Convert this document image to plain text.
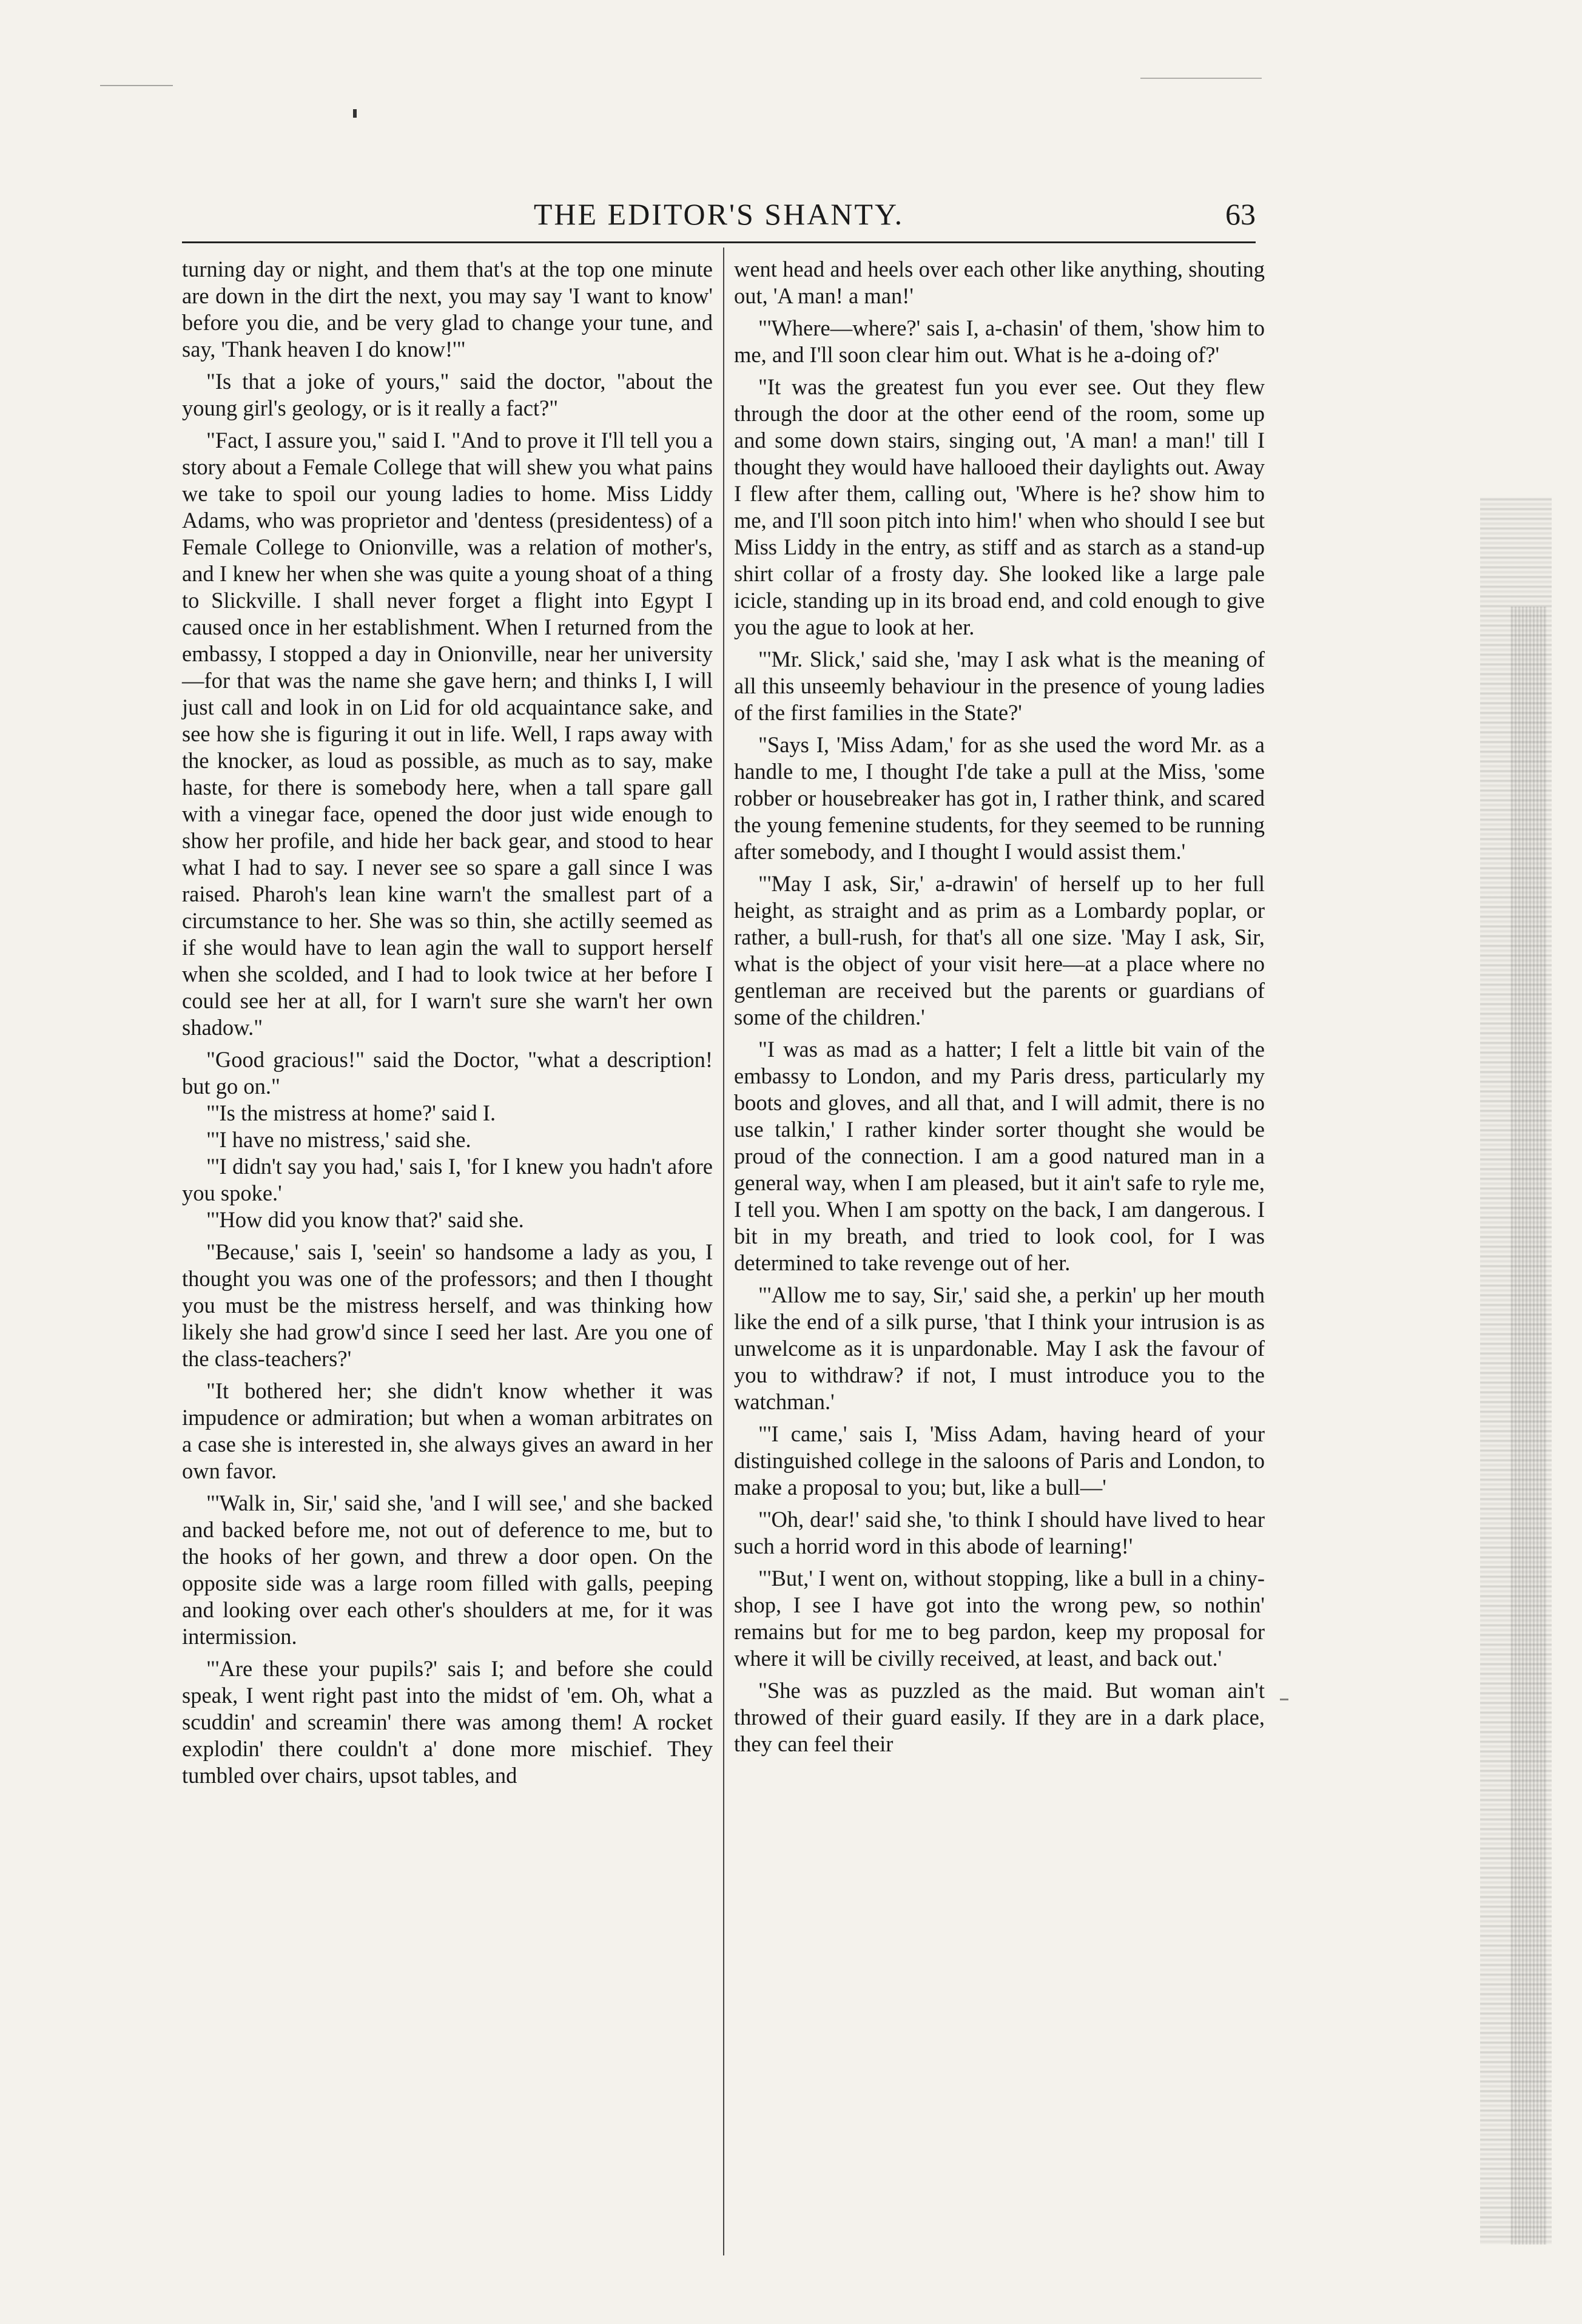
THE EDITOR'S SHANTY.	63

turning day or night, and them that's at the top one minute are down in the dirt the next, you may say 'I want to know' before you die, and be very glad to change your tune, and say, 'Thank heaven I do know!'"

"Is that a joke of yours," said the doctor, "about the young girl's geology, or is it really a fact?"

"Fact, I assure you," said I. "And to prove it I'll tell you a story about a Female College that will shew you what pains we take to spoil our young ladies to home. Miss Liddy Adams, who was proprietor and 'dentess (presidentess) of a Female College to Onionville, was a relation of mother's, and I knew her when she was quite a young shoat of a thing to Slickville. I shall never forget a flight into Egypt I caused once in her establishment. When I returned from the embassy, I stopped a day in Onionville, near her university—for that was the name she gave hern; and thinks I, I will just call and look in on Lid for old acquaintance sake, and see how she is figuring it out in life. Well, I raps away with the knocker, as loud as possible, as much as to say, make haste, for there is somebody here, when a tall spare gall with a vinegar face, opened the door just wide enough to show her profile, and hide her back gear, and stood to hear what I had to say. I never see so spare a gall since I was raised. Pharoh's lean kine warn't the smallest part of a circumstance to her. She was so thin, she actilly seemed as if she would have to lean agin the wall to support herself when she scolded, and I had to look twice at her before I could see her at all, for I warn't sure she warn't her own shadow."

"Good gracious!" said the Doctor, "what a description! but go on."

"'Is the mistress at home?' said I.

"'I have no mistress,' said she.

"'I didn't say you had,' sais I, 'for I knew you hadn't afore you spoke.'

"'How did you know that?' said she.

"Because,' sais I, 'seein' so handsome a lady as you, I thought you was one of the professors; and then I thought you must be the mistress herself, and was thinking how likely she had grow'd since I seed her last. Are you one of the class-teachers?'

"It bothered her; she didn't know whether it was impudence or admiration; but when a woman arbitrates on a case she is interested in, she always gives an award in her own favor.

"'Walk in, Sir,' said she, 'and I will see,' and she backed and backed before me, not out of deference to me, but to the hooks of her gown, and threw a door open. On the opposite side was a large room filled with galls, peeping and looking over each other's shoulders at me, for it was intermission.

"'Are these your pupils?' sais I; and before she could speak, I went right past into the midst of 'em. Oh, what a scuddin' and screamin' there was among them! A rocket explodin' there couldn't a' done more mischief. They tumbled over chairs, upsot tables, and

went head and heels over each other like anything, shouting out, 'A man! a man!'

"'Where—where?' sais I, a-chasin' of them, 'show him to me, and I'll soon clear him out. What is he a-doing of?'

"It was the greatest fun you ever see. Out they flew through the door at the other eend of the room, some up and some down stairs, singing out, 'A man! a man!' till I thought they would have hallooed their daylights out. Away I flew after them, calling out, 'Where is he? show him to me, and I'll soon pitch into him!' when who should I see but Miss Liddy in the entry, as stiff and as starch as a stand-up shirt collar of a frosty day. She looked like a large pale icicle, standing up in its broad end, and cold enough to give you the ague to look at her.

"'Mr. Slick,' said she, 'may I ask what is the meaning of all this unseemly behaviour in the presence of young ladies of the first families in the State?'

"Says I, 'Miss Adam,' for as she used the word Mr. as a handle to me, I thought I'de take a pull at the Miss, 'some robber or housebreaker has got in, I rather think, and scared the young femenine students, for they seemed to be running after somebody, and I thought I would assist them.'

"'May I ask, Sir,' a-drawin' of herself up to her full height, as straight and as prim as a Lombardy poplar, or rather, a bull-rush, for that's all one size. 'May I ask, Sir, what is the object of your visit here—at a place where no gentleman are received but the parents or guardians of some of the children.'

"I was as mad as a hatter; I felt a little bit vain of the embassy to London, and my Paris dress, particularly my boots and gloves, and all that, and I will admit, there is no use talkin,' I rather kinder sorter thought she would be proud of the connection. I am a good natured man in a general way, when I am pleased, but it ain't safe to ryle me, I tell you. When I am spotty on the back, I am dangerous. I bit in my breath, and tried to look cool, for I was determined to take revenge out of her.

"'Allow me to say, Sir,' said she, a perkin' up her mouth like the end of a silk purse, 'that I think your intrusion is as unwelcome as it is unpardonable. May I ask the favour of you to withdraw? if not, I must introduce you to the watchman.'

"'I came,' sais I, 'Miss Adam, having heard of your distinguished college in the saloons of Paris and London, to make a proposal to you; but, like a bull—'

"'Oh, dear!' said she, 'to think I should have lived to hear such a horrid word in this abode of learning!'

"'But,' I went on, without stopping, like a bull in a chiny-shop, I see I have got into the wrong pew, so nothin' remains but for me to beg pardon, keep my proposal for where it will be civilly received, at least, and back out.'

"She was as puzzled as the maid. But woman ain't throwed of their guard easily. If they are in a dark place, they can feel their
